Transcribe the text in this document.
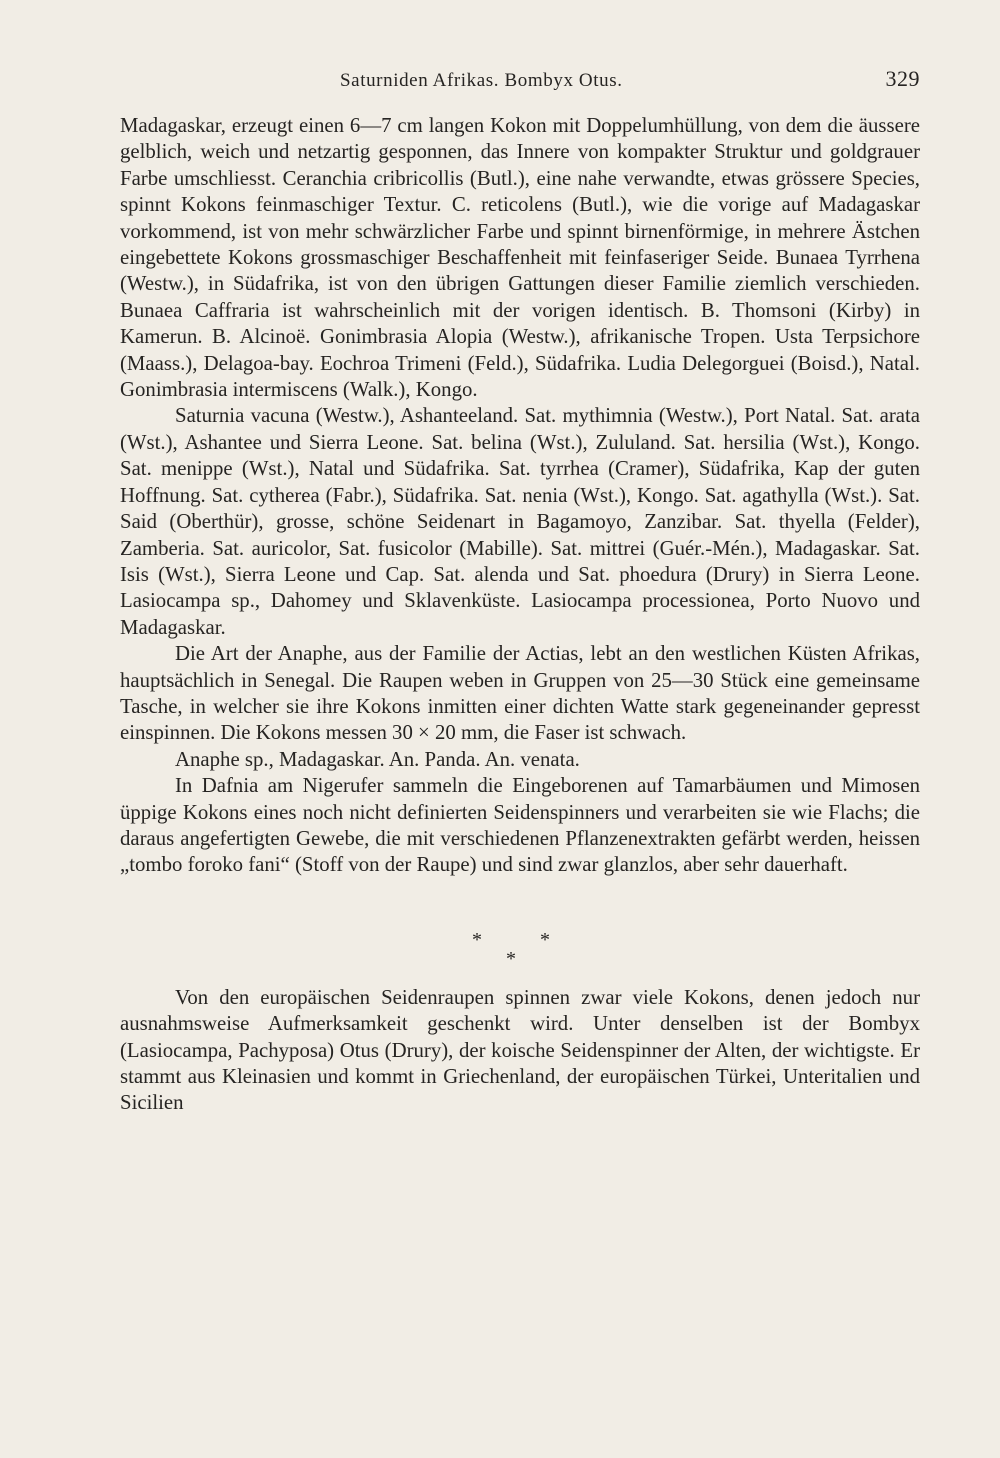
Saturniden Afrikas. Bombyx Otus.	329

Madagaskar, erzeugt einen 6—7 cm langen Kokon mit Doppelumhüllung, von dem die äussere gelblich, weich und netzartig gesponnen, das Innere von kompakter Struktur und goldgrauer Farbe umschliesst. Ceranchia cribricollis (Butl.), eine nahe verwandte, etwas grössere Species, spinnt Kokons feinmaschiger Textur. C. reticolens (Butl.), wie die vorige auf Madagaskar vorkommend, ist von mehr schwärzlicher Farbe und spinnt birnenförmige, in mehrere Ästchen eingebettete Kokons grossmaschiger Beschaffenheit mit feinfaseriger Seide. Bunaea Tyrrhena (Westw.), in Südafrika, ist von den übrigen Gattungen dieser Familie ziemlich verschieden. Bunaea Caffraria ist wahrscheinlich mit der vorigen identisch. B. Thomsoni (Kirby) in Kamerun. B. Alcinoë. Gonimbrasia Alopia (Westw.), afrikanische Tropen. Usta Terpsichore (Maass.), Delagoa-bay. Eochroa Trimeni (Feld.), Südafrika. Ludia Delegorguei (Boisd.), Natal. Gonimbrasia intermiscens (Walk.), Kongo.

Saturnia vacuna (Westw.), Ashanteeland. Sat. mythimnia (Westw.), Port Natal. Sat. arata (Wst.), Ashantee und Sierra Leone. Sat. belina (Wst.), Zululand. Sat. hersilia (Wst.), Kongo. Sat. menippe (Wst.), Natal und Südafrika. Sat. tyrrhea (Cramer), Südafrika, Kap der guten Hoffnung. Sat. cytherea (Fabr.), Südafrika. Sat. nenia (Wst.), Kongo. Sat. agathylla (Wst.). Sat. Said (Oberthür), grosse, schöne Seidenart in Bagamoyo, Zanzibar. Sat. thyella (Felder), Zamberia. Sat. auricolor, Sat. fusicolor (Mabille). Sat. mittrei (Guér.-Mén.), Madagaskar. Sat. Isis (Wst.), Sierra Leone und Cap. Sat. alenda und Sat. phoedura (Drury) in Sierra Leone. Lasiocampa sp., Dahomey und Sklavenküste. Lasiocampa processionea, Porto Nuovo und Madagaskar.

Die Art der Anaphe, aus der Familie der Actias, lebt an den westlichen Küsten Afrikas, hauptsächlich in Senegal. Die Raupen weben in Gruppen von 25—30 Stück eine gemeinsame Tasche, in welcher sie ihre Kokons inmitten einer dichten Watte stark gegeneinander gepresst einspinnen. Die Kokons messen 30 × 20 mm, die Faser ist schwach.

Anaphe sp., Madagaskar. An. Panda. An. venata.

In Dafnia am Nigerufer sammeln die Eingeborenen auf Tamarbäumen und Mimosen üppige Kokons eines noch nicht definierten Seidenspinners und verarbeiten sie wie Flachs; die daraus angefertigten Gewebe, die mit verschiedenen Pflanzenextrakten gefärbt werden, heissen „tombo foroko fani“ (Stoff von der Raupe) und sind zwar glanzlos, aber sehr dauerhaft.

*	*
*

Von den europäischen Seidenraupen spinnen zwar viele Kokons, denen jedoch nur ausnahmsweise Aufmerksamkeit geschenkt wird. Unter denselben ist der Bombyx (Lasiocampa, Pachyposa) Otus (Drury), der koische Seidenspinner der Alten, der wichtigste. Er stammt aus Kleinasien und kommt in Griechenland, der europäischen Türkei, Unteritalien und Sicilien
